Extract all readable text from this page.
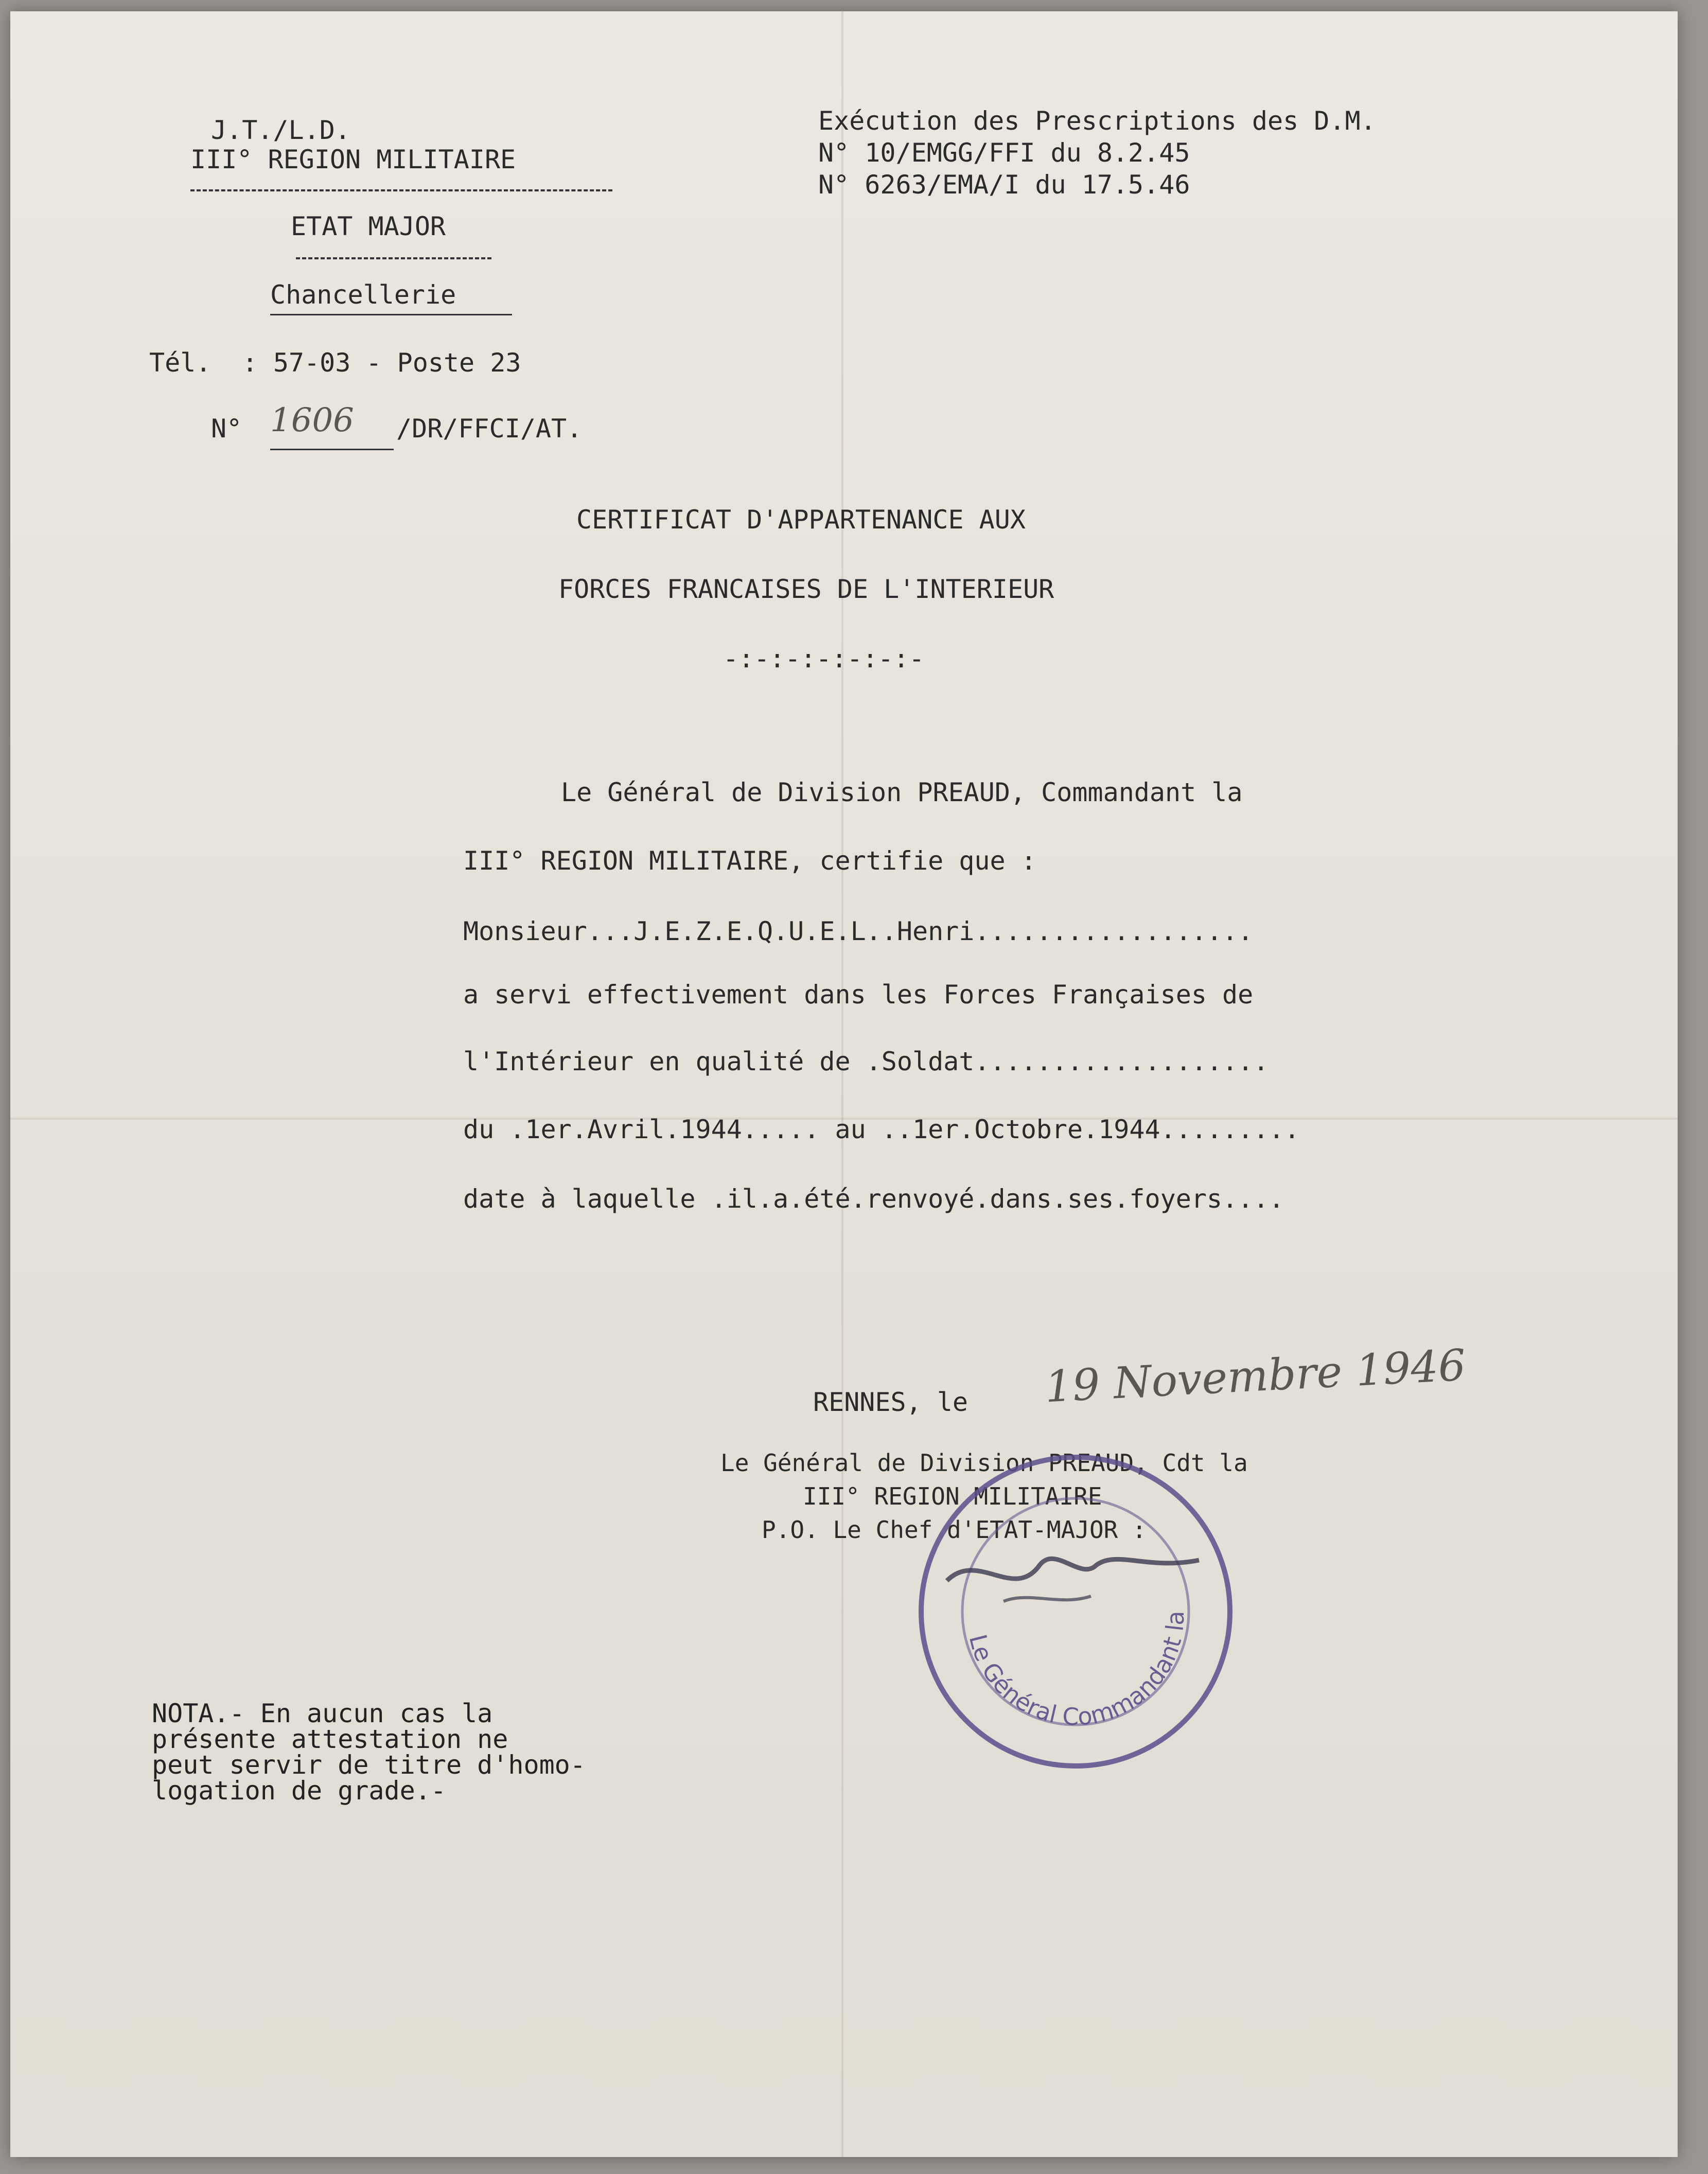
J.T./L.D.
III° REGION MILITAIRE
ETAT MAJOR
Chancellerie
Tél.  : 57-03 - Poste 23
N° 1606 /DR/FFCI/AT.
Exécution des Prescriptions des D.M.
N° 10/EMGG/FFI du 8.2.45
N° 6263/EMA/I du 17.5.46
CERTIFICAT D'APPARTENANCE AUX
FORCES FRANCAISES DE L'INTERIEUR
-:-:-:-:-:-:-
Le Général de Division PREAUD, Commandant la
III° REGION MILITAIRE, certifie que :
Monsieur...J.E.Z.E.Q.U.E.L..Henri..................
a servi effectivement dans les Forces Françaises de
l'Intérieur en qualité de .Soldat...................
du .1er.Avril.1944..... au ..1er.Octobre.1944.........
date à laquelle .il.a.été.renvoyé.dans.ses.foyers....
RENNES, le 19 Novembre 1946
Le Général de Division PREAUD, Cdt la
III° REGION MILITAIRE
P.O. Le Chef d'ETAT-MAJOR :
Le Général Commandant la
NOTA.- En aucun cas la
présente attestation ne
peut servir de titre d'homo-
logation de grade.-
